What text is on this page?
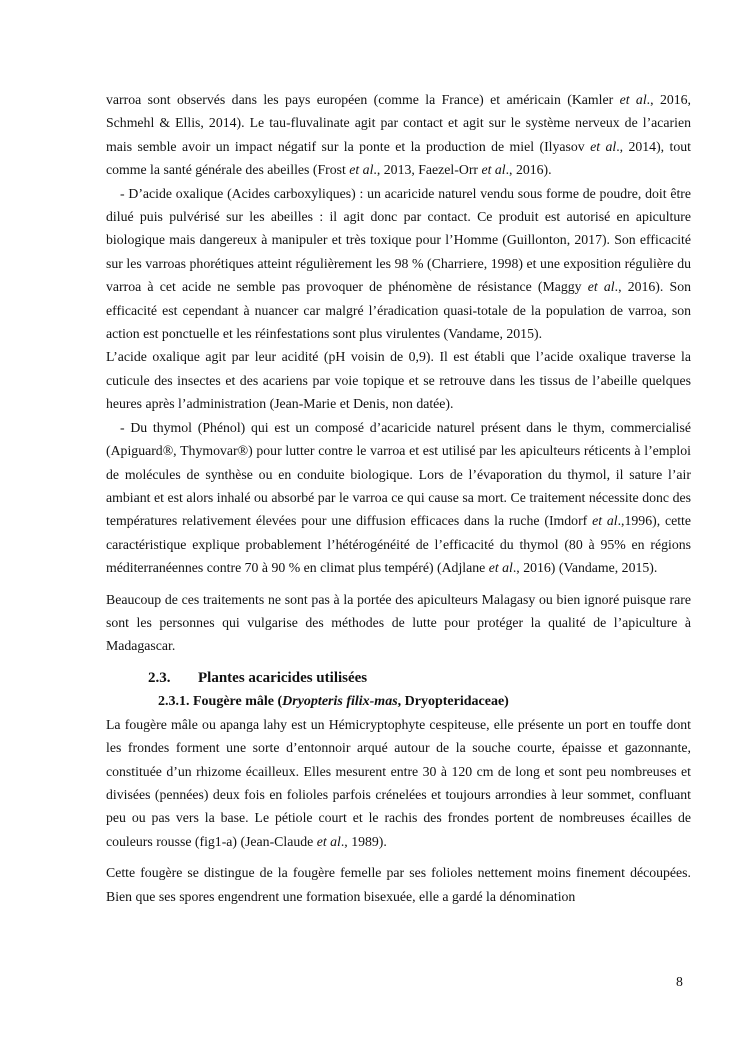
varroa sont observés dans les pays européen (comme la France) et américain (Kamler et al., 2016, Schmehl & Ellis, 2014). Le tau-fluvalinate agit par contact et agit sur le système nerveux de l’acarien mais semble avoir un impact négatif sur la ponte et la production de miel (Ilyasov et al., 2014), tout comme la santé générale des abeilles (Frost et al., 2013, Faezel-Orr et al., 2016).

- D’acide oxalique (Acides carboxyliques) : un acaricide naturel vendu sous forme de poudre, doit être dilué puis pulvérisé sur les abeilles : il agit donc par contact. Ce produit est autorisé en apiculture biologique mais dangereux à manipuler et très toxique pour l’Homme (Guillonton, 2017). Son efficacité sur les varroas phorétiques atteint régulièrement les 98 % (Charriere, 1998) et une exposition régulière du varroa à cet acide ne semble pas provoquer de phénomène de résistance (Maggy et al., 2016). Son efficacité est cependant à nuancer car malgré l’éradication quasi-totale de la population de varroa, son action est ponctuelle et les réinfestations sont plus virulentes (Vandame, 2015).

L’acide oxalique agit par leur acidité (pH voisin de 0,9). Il est établi que l’acide oxalique traverse la cuticule des insectes et des acariens par voie topique et se retrouve dans les tissus de l’abeille quelques heures après l’administration (Jean-Marie et Denis, non datée).

- Du thymol (Phénol) qui est un composé d’acaricide naturel présent dans le thym, commercialisé (Apiguard®, Thymovar®) pour lutter contre le varroa et est utilisé par les apiculteurs réticents à l’emploi de molécules de synthèse ou en conduite biologique. Lors de l’évaporation du thymol, il sature l’air ambiant et est alors inhalé ou absorbé par le varroa ce qui cause sa mort. Ce traitement nécessite donc des températures relativement élevées pour une diffusion efficaces dans la ruche (Imdorf et al.,1996), cette caractéristique explique probablement l’hétérogénéité de l’efficacité du thymol (80 à 95% en régions méditerranéennes contre 70 à 90 % en climat plus tempéré) (Adjlane et al., 2016) (Vandame, 2015).

Beaucoup de ces traitements ne sont pas à la portée des apiculteurs Malagasy ou bien ignoré puisque rare sont les personnes qui vulgarise des méthodes de lutte pour protéger la qualité de l’apiculture à Madagascar.

2.3. Plantes acaricides utilisées
2.3.1. Fougère mâle (Dryopteris filix-mas, Dryopteridaceae)

La fougère mâle ou apanga lahy est un Hémicryptophyte cespiteuse, elle présente un port en touffe dont les frondes forment une sorte d’entonnoir arqué autour de la souche courte, épaisse et gazonnante, constituée d’un rhizome écailleux. Elles mesurent entre 30 à 120 cm de long et sont peu nombreuses et divisées (pennées) deux fois en folioles parfois crénelées et toujours arrondies à leur sommet, confluant peu ou pas vers la base. Le pétiole court et le rachis des frondes portent de nombreuses écailles de couleurs rousse (fig1-a) (Jean-Claude et al., 1989).

Cette fougère se distingue de la fougère femelle par ses folioles nettement moins finement découpées. Bien que ses spores engendrent une formation bisexuée, elle a gardé la dénomination

8
